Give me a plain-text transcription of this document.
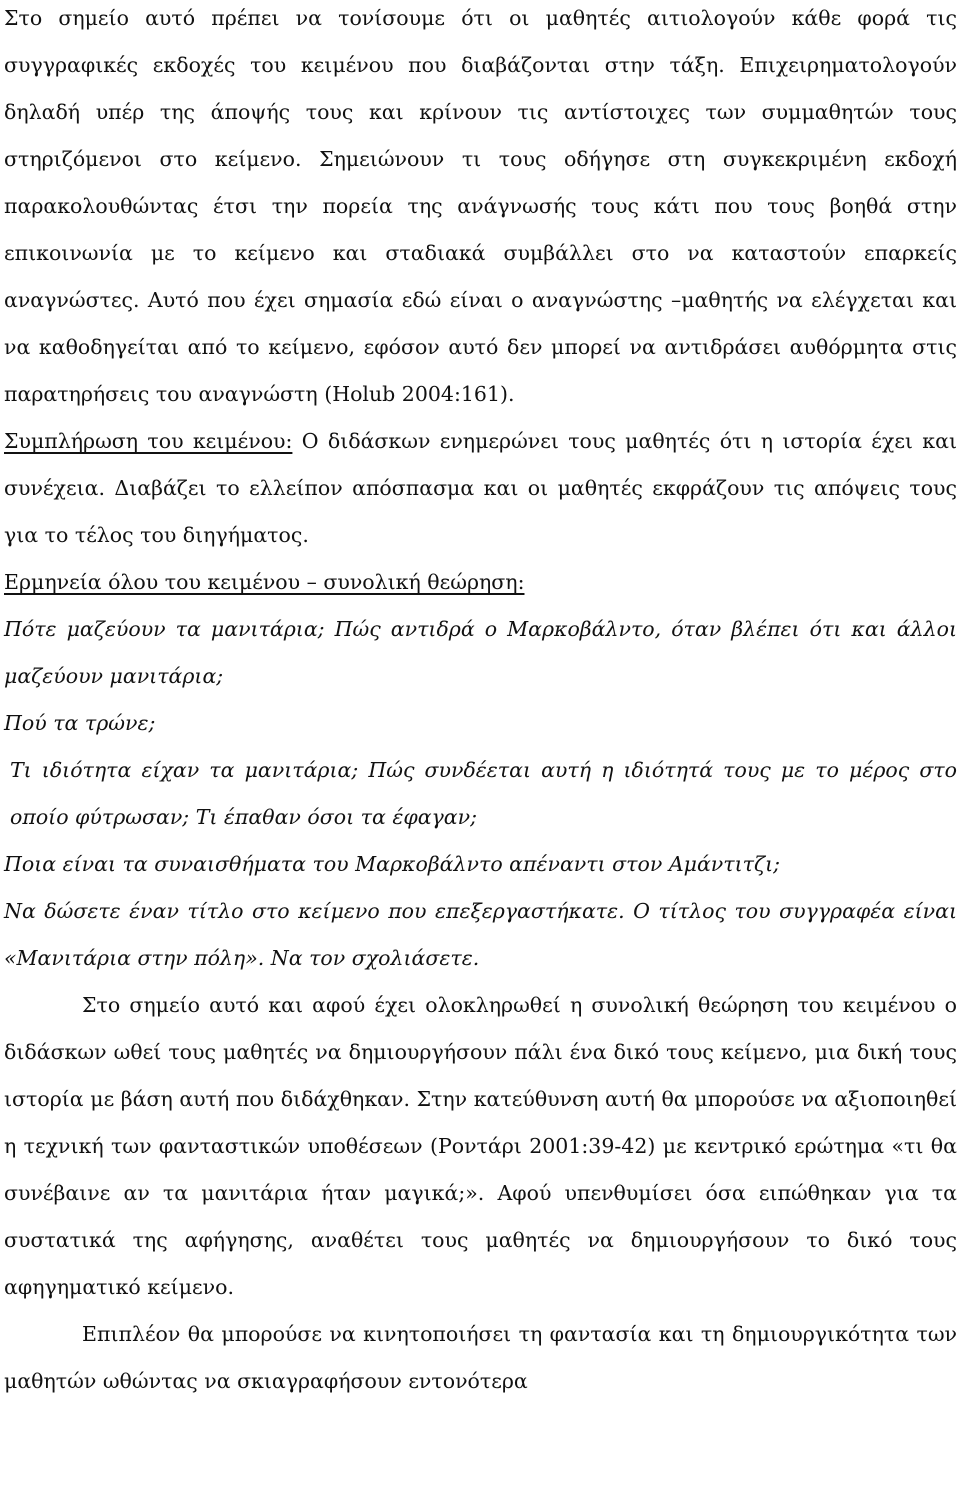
Στο σημείο αυτό πρέπει να τονίσουμε ότι οι μαθητές αιτιολογούν κάθε φορά τις συγγραφικές εκδοχές του κειμένου που διαβάζονται στην τάξη. Επιχειρηματολογούν δηλαδή υπέρ της άποψής τους και κρίνουν τις αντίστοιχες των συμμαθητών τους στηριζόμενοι στο κείμενο. Σημειώνουν τι τους οδήγησε στη συγκεκριμένη εκδοχή παρακολουθώντας έτσι την πορεία της ανάγνωσής τους κάτι που τους βοηθά στην επικοινωνία με το κείμενο και σταδιακά συμβάλλει στο να καταστούν επαρκείς αναγνώστες. Αυτό που έχει σημασία εδώ είναι ο αναγνώστης –μαθητής να ελέγχεται και να καθοδηγείται από το κείμενο, εφόσον αυτό δεν μπορεί να αντιδράσει αυθόρμητα στις παρατηρήσεις του αναγνώστη (Holub 2004:161).

Συμπλήρωση του κειμένου: Ο διδάσκων ενημερώνει τους μαθητές ότι η ιστορία έχει και συνέχεια. Διαβάζει το ελλείπον απόσπασμα και οι μαθητές εκφράζουν τις απόψεις τους για το τέλος του διηγήματος.

Ερμηνεία όλου του κειμένου – συνολική θεώρηση:

Πότε μαζεύουν τα μανιτάρια; Πώς αντιδρά ο Μαρκοβάλντο, όταν βλέπει ότι και άλλοι μαζεύουν μανιτάρια;

Πού τα τρώνε;

Τι ιδιότητα είχαν τα μανιτάρια; Πώς συνδέεται αυτή η ιδιότητά τους με το μέρος στο οποίο φύτρωσαν; Τι έπαθαν όσοι τα έφαγαν;

Ποια είναι τα συναισθήματα του Μαρκοβάλντο απέναντι στον Αμάντιτζι;

Να δώσετε έναν τίτλο στο κείμενο που επεξεργαστήκατε. Ο τίτλος του συγγραφέα είναι «Μανιτάρια στην πόλη». Να τον σχολιάσετε.

Στο σημείο αυτό και αφού έχει ολοκληρωθεί η συνολική θεώρηση του κειμένου ο διδάσκων ωθεί τους μαθητές να δημιουργήσουν πάλι ένα δικό τους κείμενο, μια δική τους ιστορία με βάση αυτή που διδάχθηκαν. Στην κατεύθυνση αυτή θα μπορούσε να αξιοποιηθεί η τεχνική των φανταστικών υποθέσεων (Ροντάρι 2001:39-42) με κεντρικό ερώτημα «τι θα συνέβαινε αν τα μανιτάρια ήταν μαγικά;». Αφού υπενθυμίσει όσα ειπώθηκαν για τα συστατικά της αφήγησης, αναθέτει τους μαθητές να δημιουργήσουν το δικό τους αφηγηματικό κείμενο.

Επιπλέον θα μπορούσε να κινητοποιήσει τη φαντασία και τη δημιουργικότητα των μαθητών ωθώντας να σκιαγραφήσουν εντονότερα
